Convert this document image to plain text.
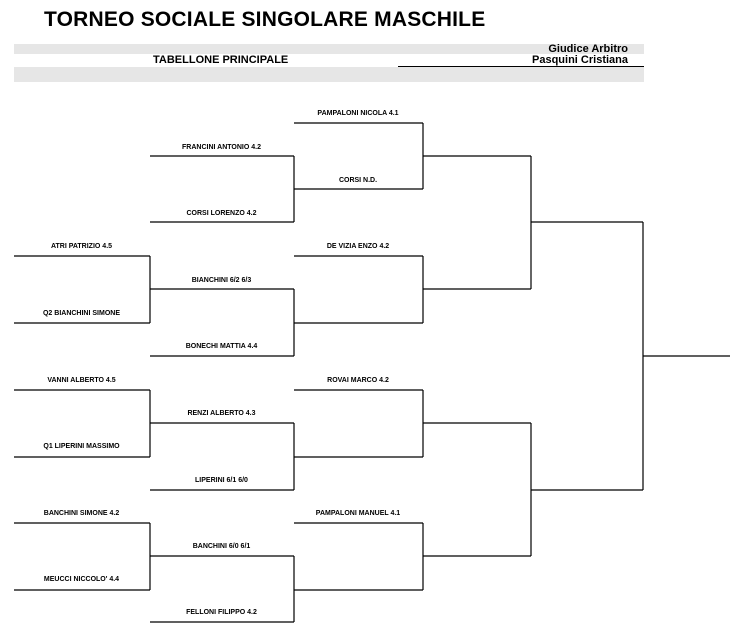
TORNEO SOCIALE SINGOLARE MASCHILE
TABELLONE PRINCIPALE
Giudice Arbitro
Pasquini Cristiana
ATRI PATRIZIO 4.5
Q2 BIANCHINI SIMONE
VANNI ALBERTO 4.5
Q1 LIPERINI MASSIMO
BANCHINI SIMONE 4.2
MEUCCI NICCOLO' 4.4
FRANCINI ANTONIO 4.2
CORSI LORENZO 4.2
BIANCHINI 6/2 6/3
BONECHI MATTIA 4.4
RENZI ALBERTO 4.3
LIPERINI 6/1 6/0
BANCHINI 6/0 6/1
FELLONI FILIPPO 4.2
PAMPALONI NICOLA 4.1
CORSI N.D.
DE VIZIA ENZO 4.2
ROVAI MARCO 4.2
PAMPALONI MANUEL 4.1
